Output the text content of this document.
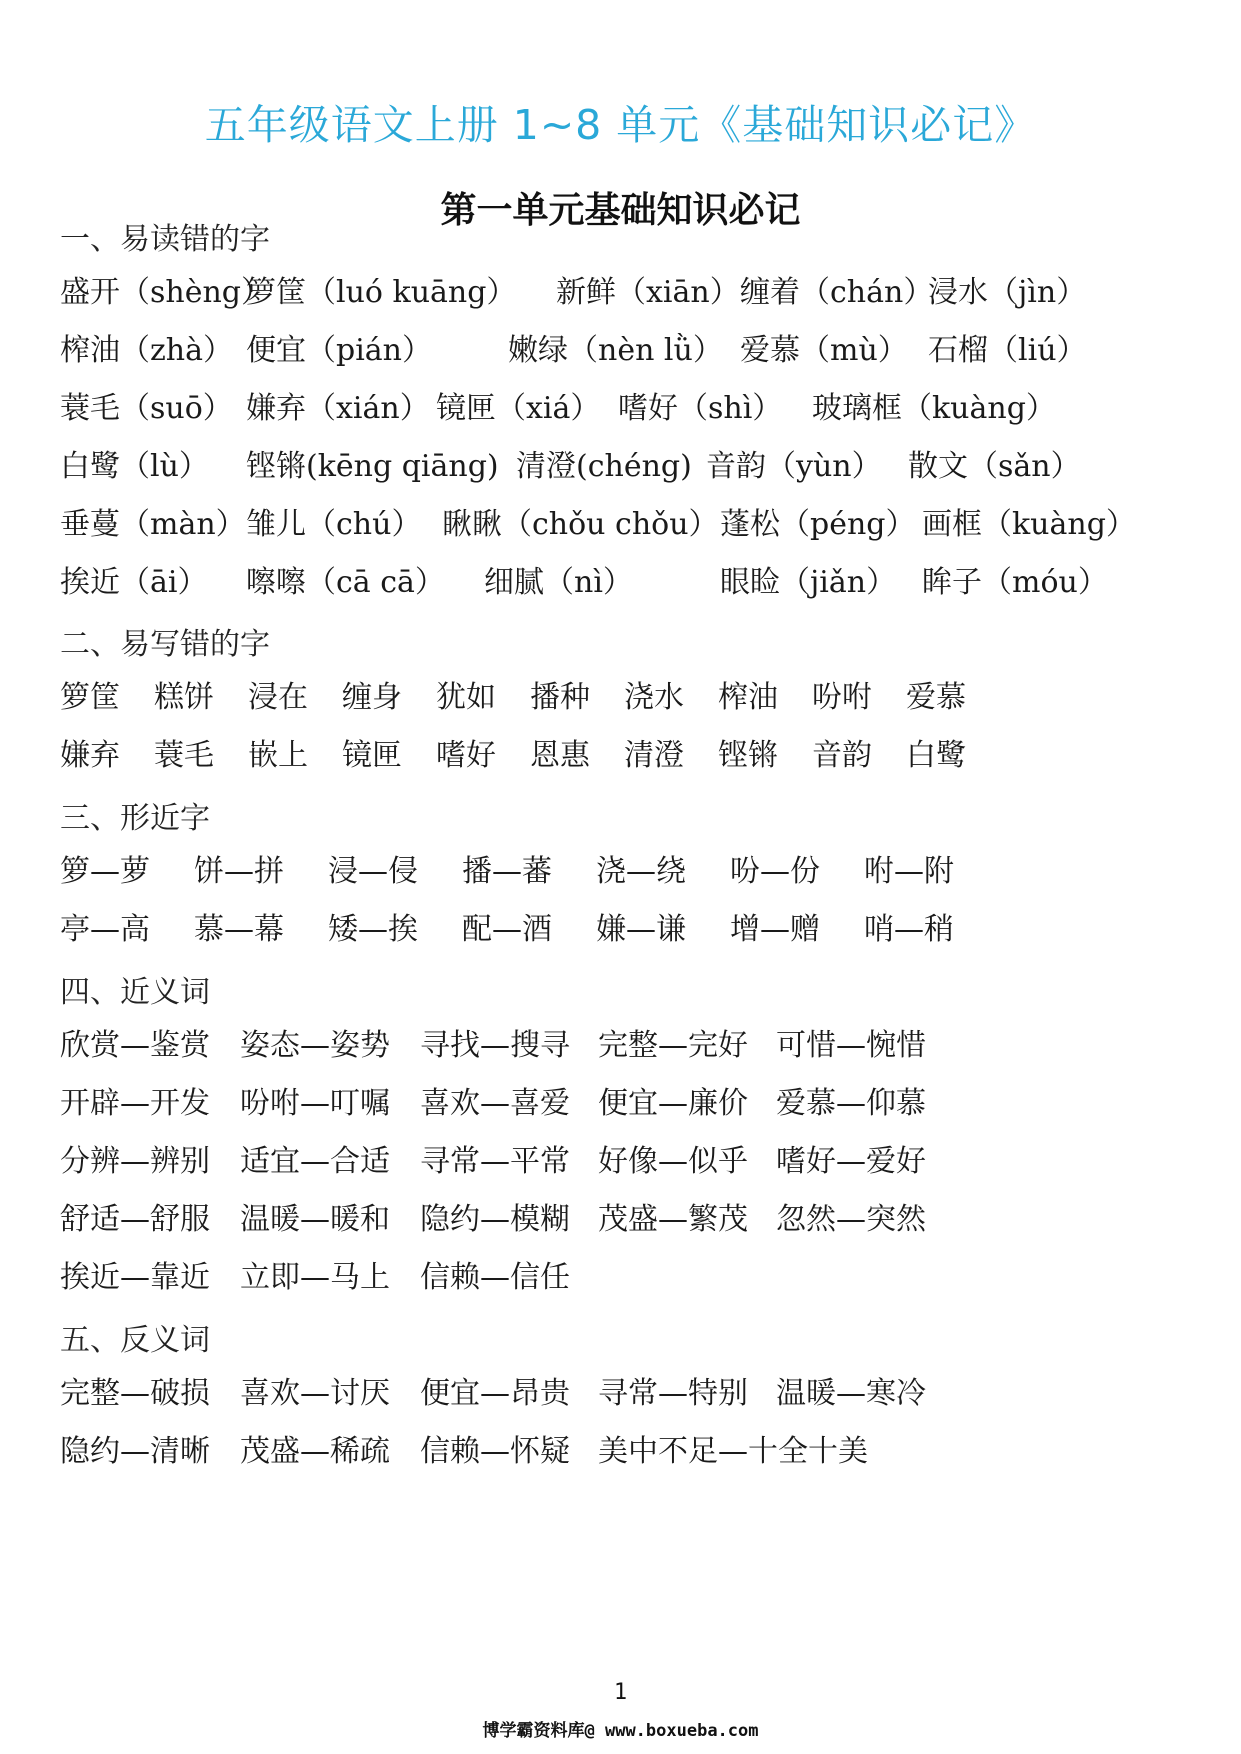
五年级语文上册 1~8 单元《基础知识必记》
第一单元基础知识必记
一、易读错的字
盛开（shèng）
箩筐（luó kuāng） 新鲜（xiān） 缠着（chán）
浸水（jìn）
榨油（zhà） 便宜（pián）	嫩绿（nèn lǜ） 爱慕（mù） 石榴（liú）
蓑毛（suō） 嫌弃（xián） 镜匣（xiá） 嗜好（shì） 玻璃框（kuàng）
白鹭（lù） 铿锵(kēng qiāng) 清澄(chéng) 音韵（yùn） 散文（sǎn）
垂蔓（màn） 雏儿（chú） 瞅瞅（chǒu chǒu） 蓬松（péng） 画框（kuàng）
挨近（āi） 嚓嚓（cā cā） 细腻（nì）	眼睑（jiǎn） 眸子（móu）
二、易写错的字
箩筐 糕饼 浸在 缠身 犹如 播种 浇水 榨油 吩咐 爱慕
嫌弃 蓑毛 嵌上 镜匣 嗜好 恩惠 清澄 铿锵 音韵 白鹭
三、形近字
箩—萝 饼—拼 浸—侵 播—蕃 浇—绕 吩—份 咐—附
亭—高 慕—幕 矮—挨 配—酒 嫌—谦 增—赠 哨—稍
四、近义词
欣赏—鉴赏 姿态—姿势 寻找—搜寻 完整—完好 可惜—惋惜
开辟—开发 吩咐—叮嘱 喜欢—喜爱 便宜—廉价 爱慕—仰慕
分辨—辨别 适宜—合适 寻常—平常 好像—似乎 嗜好—爱好
舒适—舒服 温暖—暖和 隐约—模糊 茂盛—繁茂 忽然—突然
挨近—靠近 立即—马上 信赖—信任
五、反义词
完整—破损 喜欢—讨厌 便宜—昂贵 寻常—特别 温暖—寒冷
隐约—清晰 茂盛—稀疏 信赖—怀疑 美中不足—十全十美
1
博学霸资料库@ www.boxueba.com
